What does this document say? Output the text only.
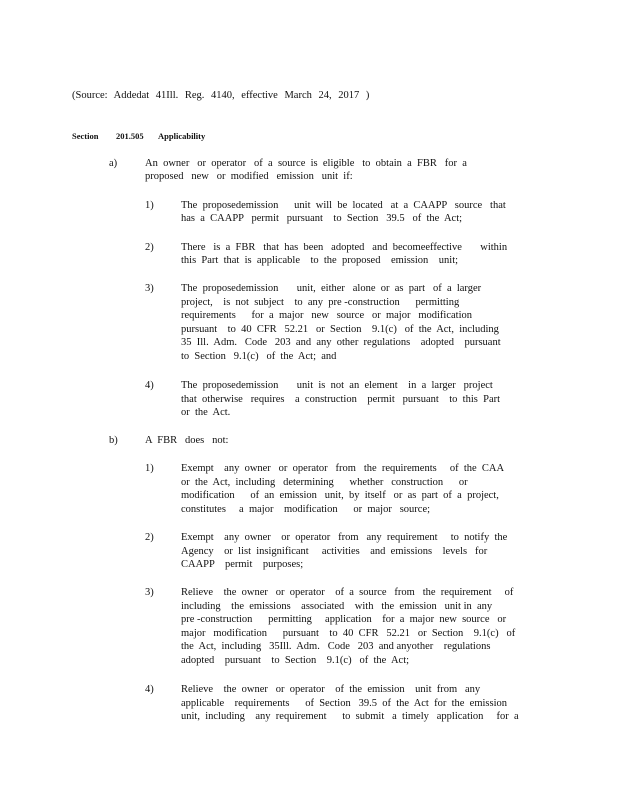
(Source: Addedat 41Ill. Reg. 4140, effective March 24, 2017 )
Section 201.505 Applicability
a)	An  owner   or  operator   of  a  source  is  eligible   to  obtain  a  FBR   for  a
proposed   new   or  modified   emission   unit  if:
1)	The  proposedemission      unit  will  be  located   at  a  CAAPP   source   that
has  a  CAAPP   permit   pursuant    to  Section   39.5   of  the  Act;
2)	There   is  a  FBR   that  has  been   adopted   and  becomeeffective       within
this  Part  that  is  applicable    to  the  proposed    emission    unit;
3)	The  proposedemission       unit,  either   alone  or  as  part   of  a  larger
project,    is  not  subject    to  any  pre -construction      permitting
requirements      for  a  major   new   source   or  major   modification
pursuant    to  40  CFR   52.21   or  Section    9.1(c)   of  the  Act,  including
35  Ill.  Adm.   Code   203  and  any  other  regulations    adopted    pursuant
to  Section   9.1(c)   of  the  Act;  and
4)	The  proposedemission       unit  is  not  an  element    in  a  larger   project
that  otherwise   requires    a  construction    permit   pursuant    to  this  Part
or  the  Act.
b)	A  FBR   does   not:
1)	Exempt    any  owner   or  operator   from   the  requirements     of  the  CAA
or  the  Act,  including   determining      whether   construction      or
modification      of  an  emission   unit,  by  itself   or  as  part  of  a  project,
constitutes     a  major    modification      or  major   source;
2)	Exempt    any  owner    or  operator   from   any  requirement     to  notify  the
Agency    or  list  insignificant     activities    and  emissions    levels   for
CAAPP    permit    purposes;
3)	Relieve    the  owner   or  operator    of  a  source   from   the  requirement     of
including    the  emissions    associated    with   the  emission   unit in  any
pre -construction      permitting     application    for  a  major  new  source   or
major   modification      pursuant    to  40  CFR   52.21   or  Section    9.1(c)   of
the  Act,  including   35Ill.  Adm.   Code   203  and anyother    regulations
adopted    pursuant    to  Section    9.1(c)   of  the  Act;
4)	Relieve    the  owner   or  operator    of  the  emission    unit  from   any
applicable    requirements      of  Section   39.5  of  the  Act  for  the  emission
unit,  including    any  requirement      to  submit   a  timely   application     for  a
